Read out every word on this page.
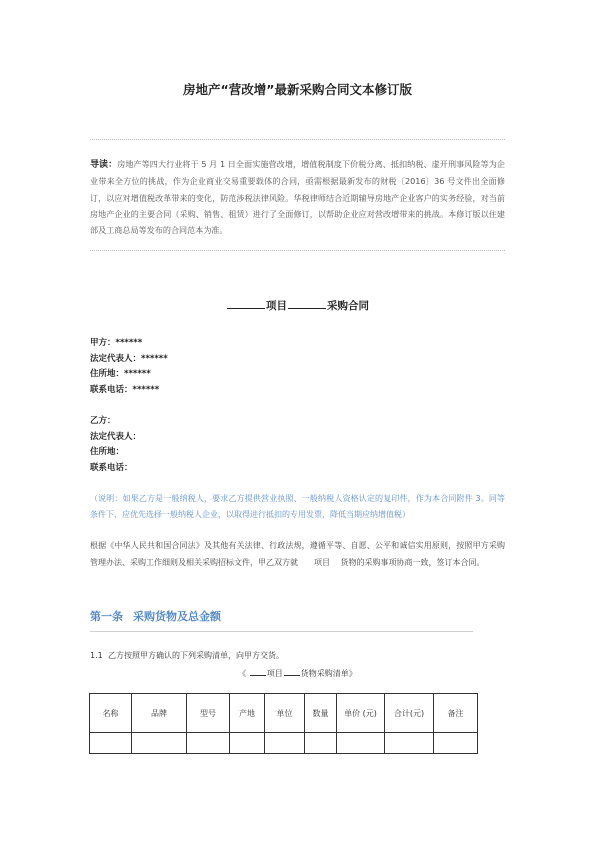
房地产“营改增”最新采购合同文本修订版
导读：房地产等四大行业将于 5 月 1 日全面实施营改增，增值税制度下价税分离、抵扣纳税、虚开刑事风险等为企业带来全方位的挑战，作为企业商业交易重要载体的合同，亟需根据最新发布的财税〔2016〕36 号文件出全面修订，以应对增值税改革带来的变化，防范涉税法律风险。华税律师结合近期辅导房地产企业客户的实务经验，对当前房地产企业的主要合同（采购、销售、租赁）进行了全面修订，以帮助企业应对营改增带来的挑战。本修订版以住建部及工商总局等发布的合同范本为准。
项目	采购合同
甲方：******
法定代表人：******
住所地：******
联系电话：******
乙方：
法定代表人：
住所地：
联系电话：
（说明：如果乙方是一般纳税人，要求乙方提供营业执照、一般纳税人资格认定的复印件，作为本合同附件 3。同等条件下，应优先选择一般纳税人企业，以取得进行抵扣的专用发票，降低当期应纳增值税）
根据《中华人民共和国合同法》及其他有关法律、行政法规，遵循平等、自愿、公平和诚信实用原则，按照甲方采购管理办法、采购工作细则及相关采购招标文件，甲乙双方就　　项目　 货物的采购事项协商一致，签订本合同。
第一条 采购货物及总金额
1.1 乙方按照甲方确认的下列采购清单，向甲方交货。
《	项目 货物采购清单》
名称	品牌	型号	产地	单位	数量	单价 (元)	合计(元)	备注
